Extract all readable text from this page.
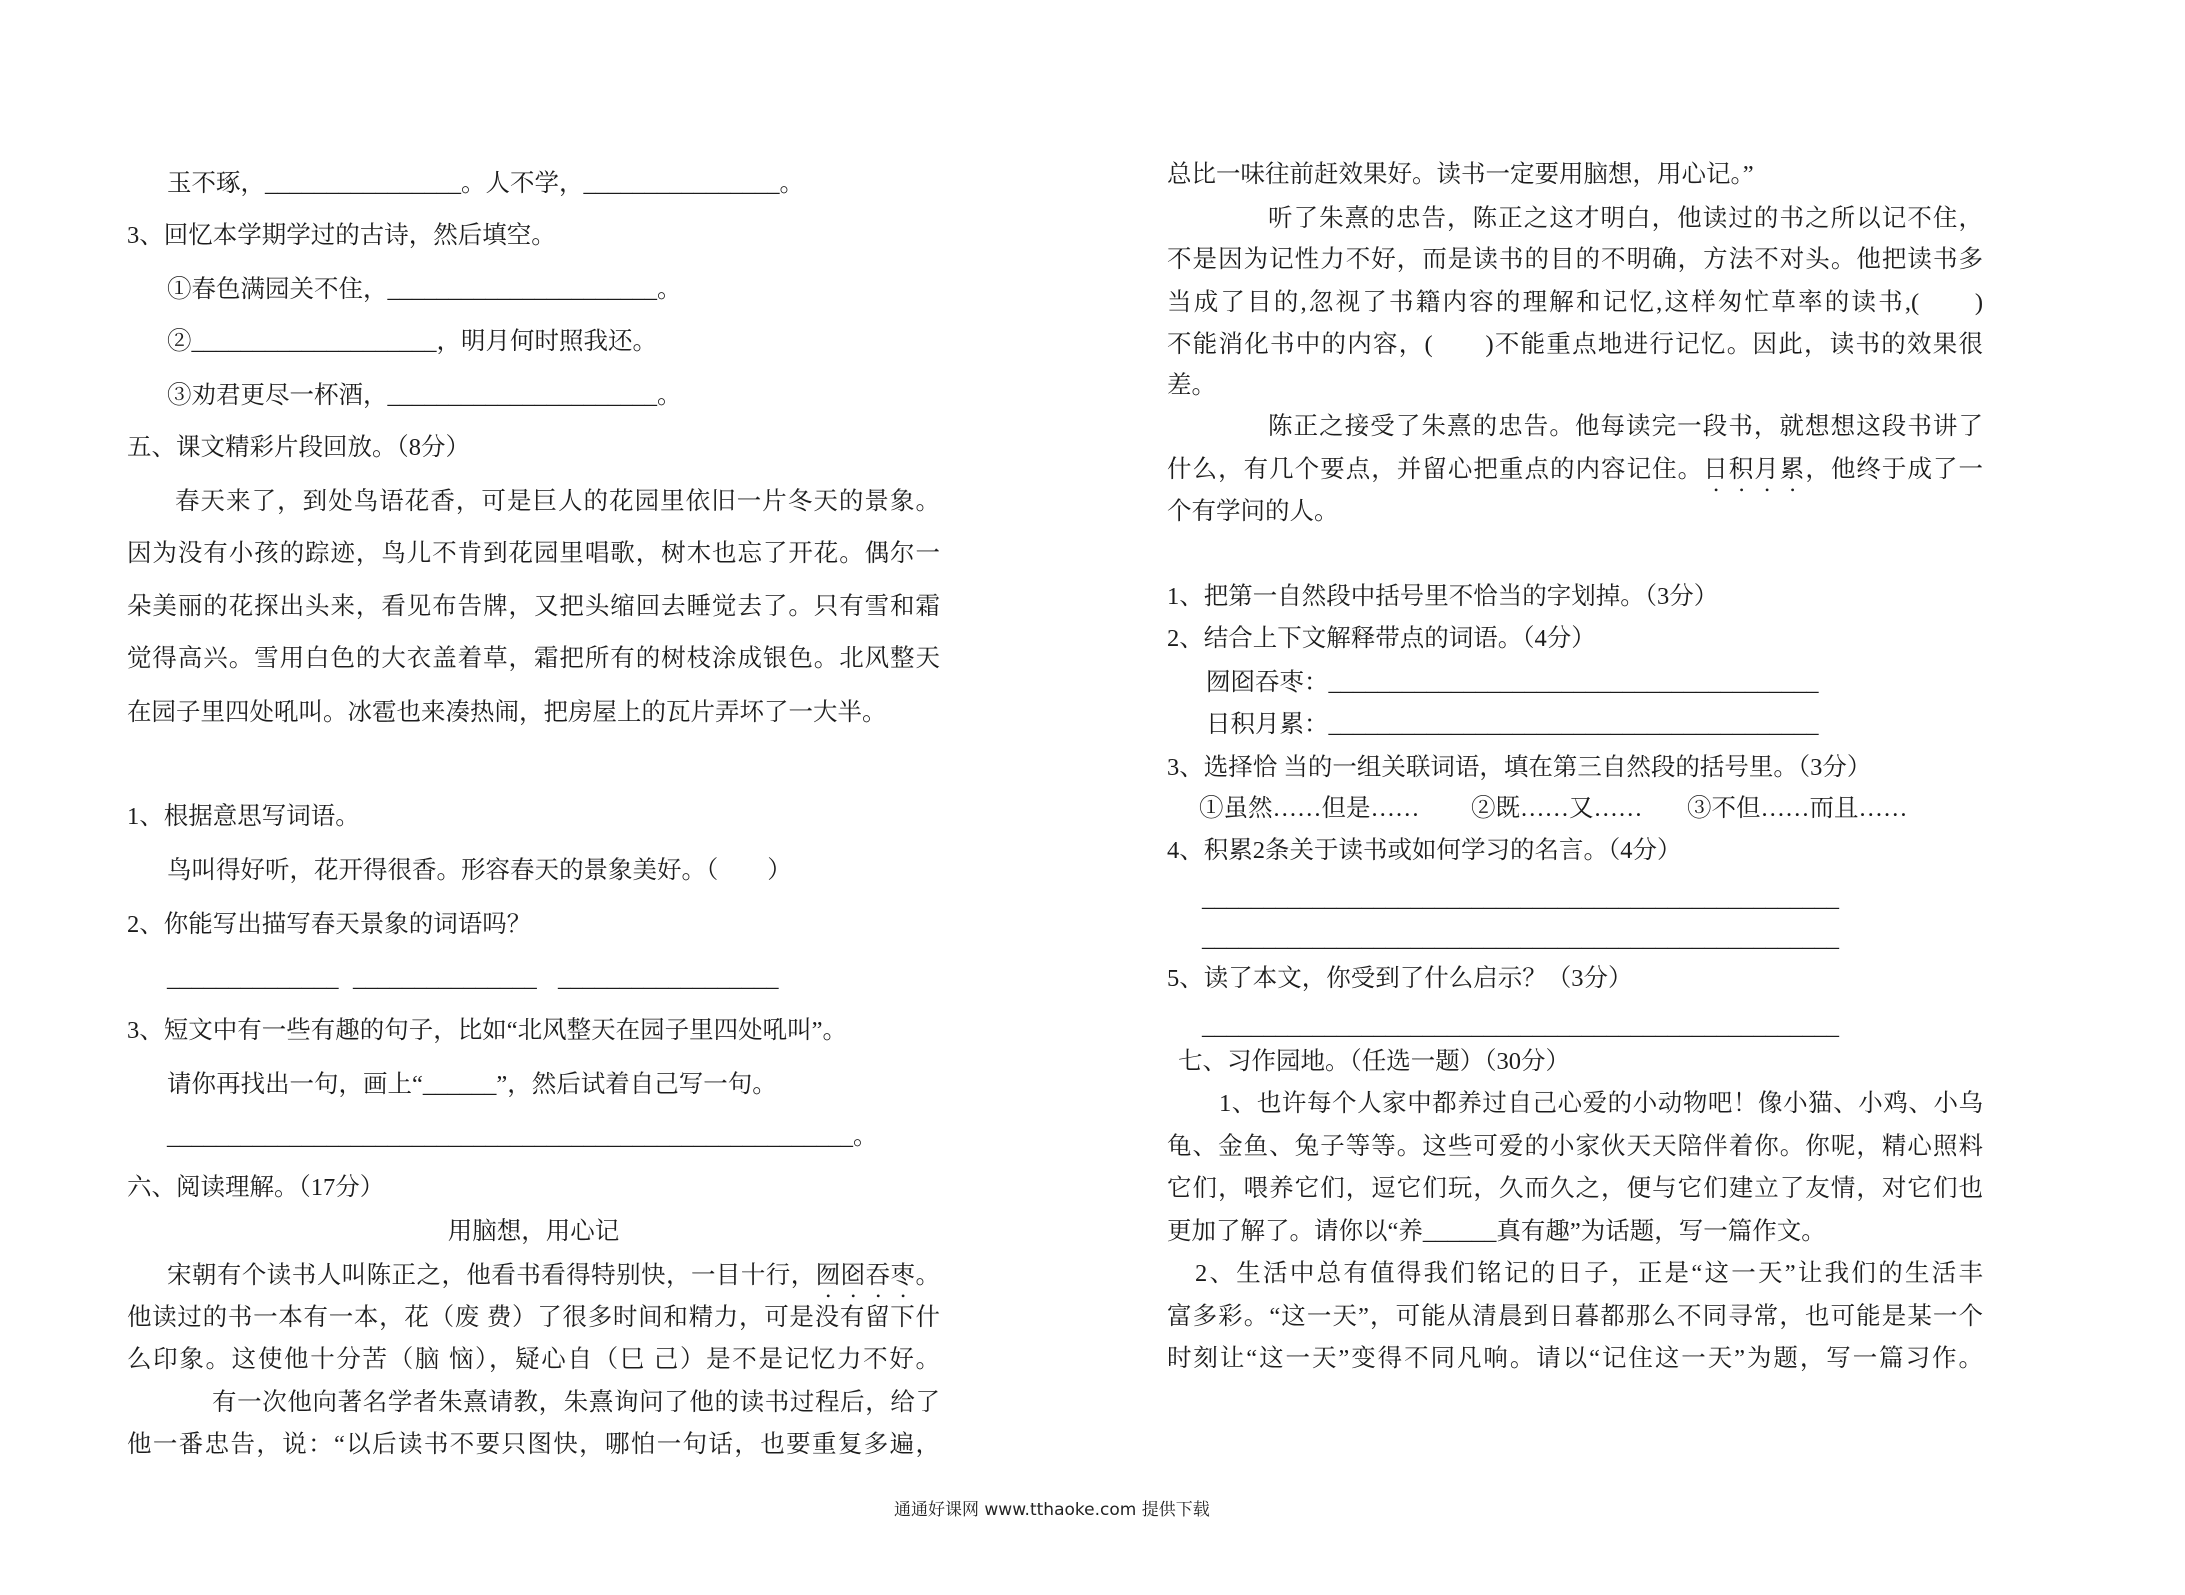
玉不琢，________________。人不学，________________。
3、回忆本学期学过的古诗，然后填空。
①春色满园关不住，______________________。
②____________________，明月何时照我还。
③劝君更尽一杯酒，______________________。
五、课文精彩片段回放。（8分）
春天来了，到处鸟语花香，可是巨人的花园里依旧一片冬天的景象。
因为没有小孩的踪迹，鸟儿不肯到花园里唱歌，树木也忘了开花。偶尔一
朵美丽的花探出头来，看见布告牌，又把头缩回去睡觉去了。只有雪和霜
觉得高兴。雪用白色的大衣盖着草，霜把所有的树枝涂成银色。北风整天
在园子里四处吼叫。冰雹也来凑热闹，把房屋上的瓦片弄坏了一大半。
1、根据意思写词语。
鸟叫得好听，花开得很香。形容春天的景象美好。（　　）
2、你能写出描写春天景象的词语吗？
______________ _______________ __________________
3、短文中有一些有趣的句子，比如“北风整天在园子里四处吼叫”。
请你再找出一句，画上“______”，然后试着自己写一句。
________________________________________________________。
六、阅读理解。（17分）
用脑想，用心记
宋朝有个读书人叫陈正之，他看书看得特别快，一目十行，囫囵吞枣。
他读过的书一本有一本，花（废 费）了很多时间和精力，可是没有留下什
么印象。这使他十分苦（脑 恼），疑心自（巳 己）是不是记忆力不好。
有一次他向著名学者朱熹请教，朱熹询问了他的读书过程后，给了
他一番忠告，说：“以后读书不要只图快，哪怕一句话，也要重复多遍，
总比一味往前赶效果好。读书一定要用脑想，用心记。”
听了朱熹的忠告，陈正之这才明白，他读过的书之所以记不住，
不是因为记性力不好，而是读书的目的不明确，方法不对头。他把读书多
当成了目的,忽视了书籍内容的理解和记忆,这样匆忙草率的读书,(　　)
不能消化书中的内容，(　　)不能重点地进行记忆。因此，读书的效果很
差。
陈正之接受了朱熹的忠告。他每读完一段书，就想想这段书讲了
什么，有几个要点，并留心把重点的内容记住。日积月累，他终于成了一
个有学问的人。
1、把第一自然段中括号里不恰当的字划掉。（3分）
2、结合上下文解释带点的词语。（4分）
囫囵吞枣：________________________________________
日积月累：________________________________________
3、选择恰 当的一组关联词语，填在第三自然段的括号里。（3分）
①虽然……但是…… ②既……又…… ③不但……而且……
4、积累2条关于读书或如何学习的名言。（4分）
____________________________________________________
____________________________________________________
5、读了本文，你受到了什么启示？（3分）
____________________________________________________
七、习作园地。（任选一题）（30分）
1、也许每个人家中都养过自己心爱的小动物吧！像小猫、小鸡、小乌
龟、金鱼、兔子等等。这些可爱的小家伙天天陪伴着你。你呢，精心照料
它们，喂养它们，逗它们玩，久而久之，便与它们建立了友情，对它们也
更加了解了。请你以“养______真有趣”为话题，写一篇作文。
2、生活中总有值得我们铭记的日子，正是“这一天”让我们的生活丰
富多彩。“这一天”，可能从清晨到日暮都那么不同寻常，也可能是某一个
时刻让“这一天”变得不同凡响。请以“记住这一天”为题，写一篇习作。
通通好课网 www.tthaoke.com 提供下载
